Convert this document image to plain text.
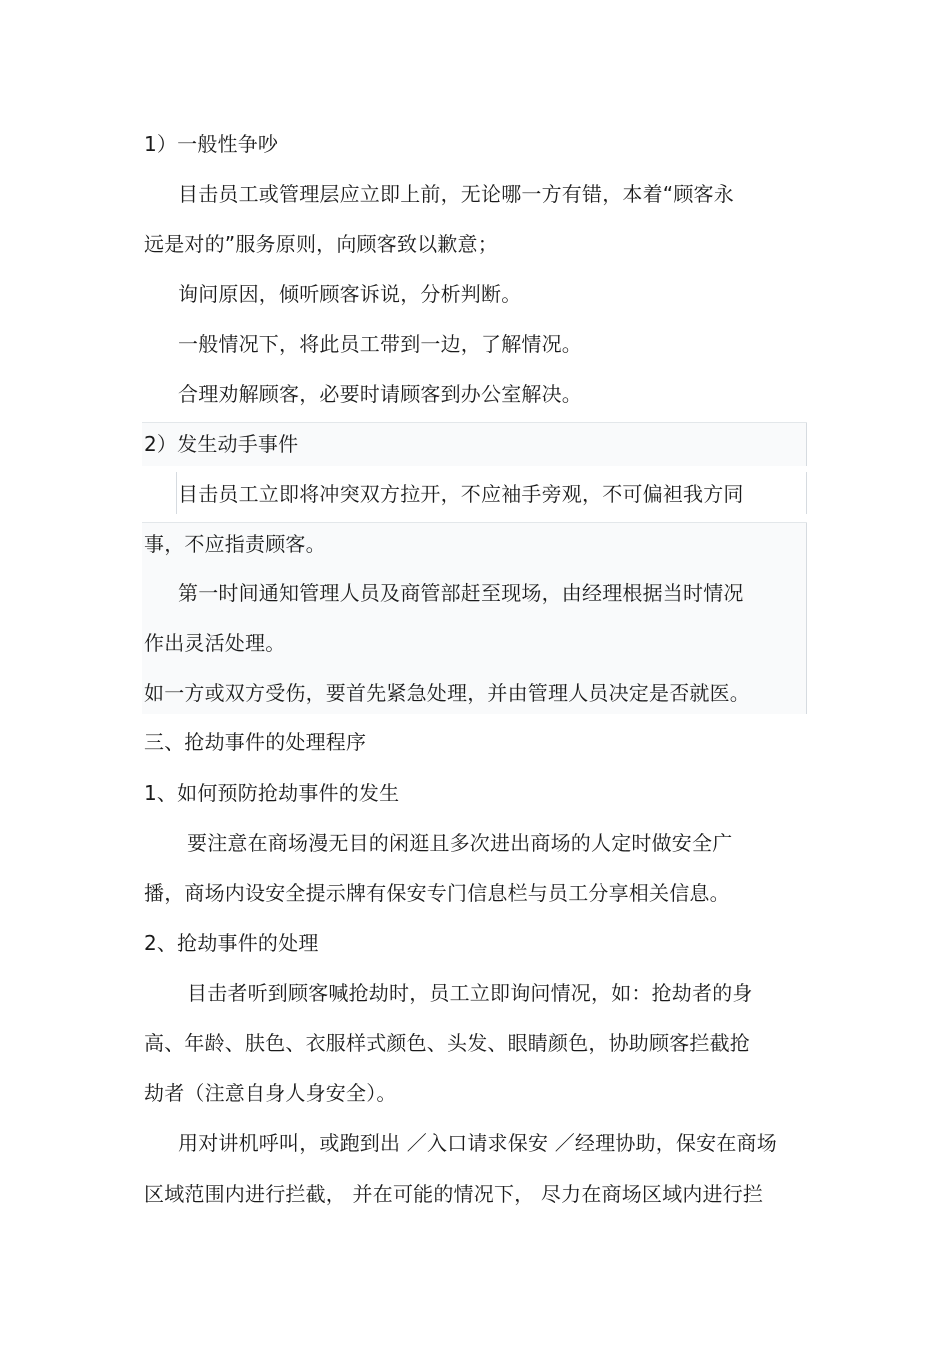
1）一般性争吵
目击员工或管理层应立即上前，无论哪一方有错，本着“顾客永
远是对的”服务原则，向顾客致以歉意；
询问原因，倾听顾客诉说，分析判断。
一般情况下，将此员工带到一边，了解情况。
合理劝解顾客，必要时请顾客到办公室解决。
2）发生动手事件
目击员工立即将冲突双方拉开，不应袖手旁观，不可偏袒我方同
事，不应指责顾客。
第一时间通知管理人员及商管部赶至现场，由经理根据当时情况
作出灵活处理。
如一方或双方受伤，要首先紧急处理，并由管理人员决定是否就医。
三、抢劫事件的处理程序
1、如何预防抢劫事件的发生
要注意在商场漫无目的闲逛且多次进出商场的人定时做安全广
播，商场内设安全提示牌有保安专门信息栏与员工分享相关信息。
2、抢劫事件的处理
目击者听到顾客喊抢劫时，员工立即询问情况，如：抢劫者的身
高、年龄、肤色、衣服样式颜色、头发、眼睛颜色，协助顾客拦截抢
劫者（注意自身人身安全）。
用对讲机呼叫，或跑到出 ／入口请求保安 ／经理协助，保安在商场
区域范围内进行拦截， 并在可能的情况下， 尽力在商场区域内进行拦
